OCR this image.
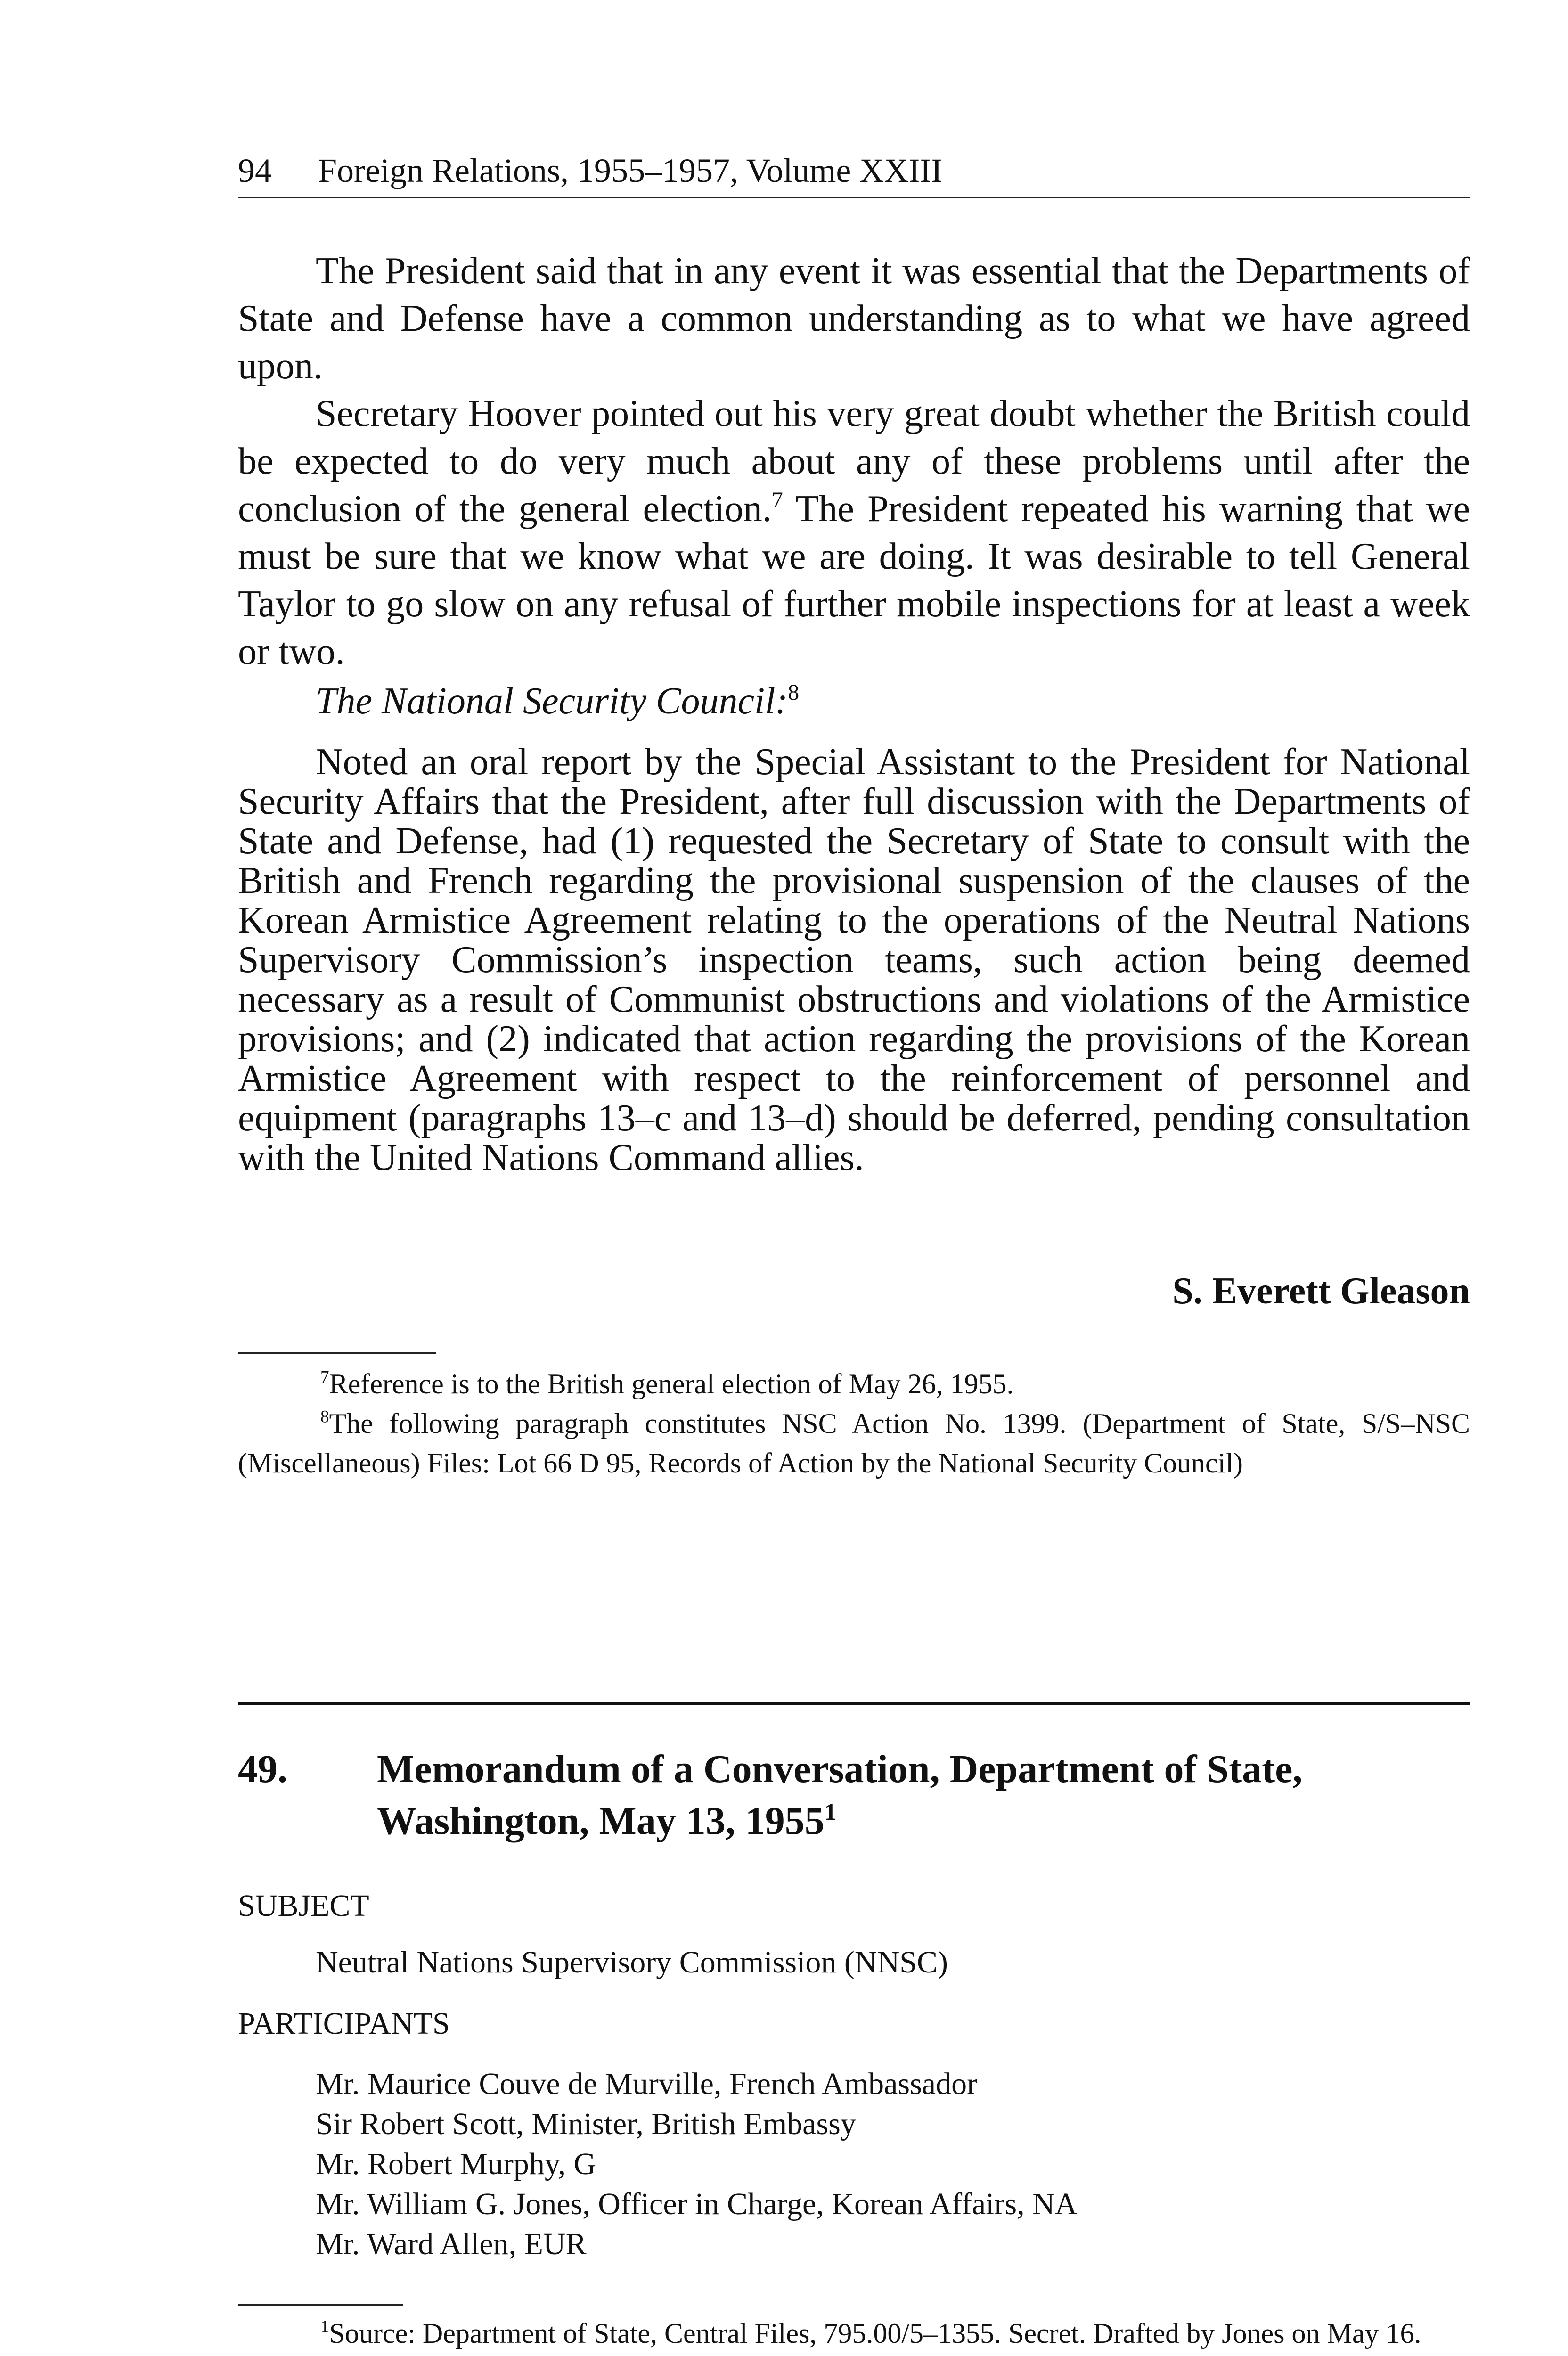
94 Foreign Relations, 1955–1957, Volume XXIII

The President said that in any event it was essential that the Departments of State and Defense have a common understanding as to what we have agreed upon.

Secretary Hoover pointed out his very great doubt whether the British could be expected to do very much about any of these problems until after the conclusion of the general election.$^7$ The President repeated his warning that we must be sure that we know what we are doing. It was desirable to tell General Taylor to go slow on any refusal of further mobile inspections for at least a week or two.

The National Security Council:$^8$

Noted an oral report by the Special Assistant to the President for National Security Affairs that the President, after full discussion with the Departments of State and Defense, had (1) requested the Secretary of State to consult with the British and French regarding the provisional suspension of the clauses of the Korean Armistice Agreement relating to the operations of the Neutral Nations Supervisory Commission’s inspection teams, such action being deemed necessary as a result of Communist obstructions and violations of the Armistice provisions; and (2) indicated that action regarding the provisions of the Korean Armistice Agreement with respect to the reinforcement of personnel and equipment (paragraphs 13–c and 13–d) should be deferred, pending consultation with the United Nations Command allies.

S. Everett Gleason

$^7$Reference is to the British general election of May 26, 1955.

$^8$The following paragraph constitutes NSC Action No. 1399. (Department of State, S/S–NSC (Miscellaneous) Files: Lot 66 D 95, Records of Action by the National Security Council)

49. Memorandum of a Conversation, Department of State, Washington, May 13, 1955$^1$
SUBJECT
Neutral Nations Supervisory Commission (NNSC)
PARTICIPANTS
Mr. Maurice Couve de Murville, French Ambassador
Sir Robert Scott, Minister, British Embassy
Mr. Robert Murphy, G
Mr. William G. Jones, Officer in Charge, Korean Affairs, NA
Mr. Ward Allen, EUR

$^1$Source: Department of State, Central Files, 795.00/5–1355. Secret. Drafted by Jones on May 16.
